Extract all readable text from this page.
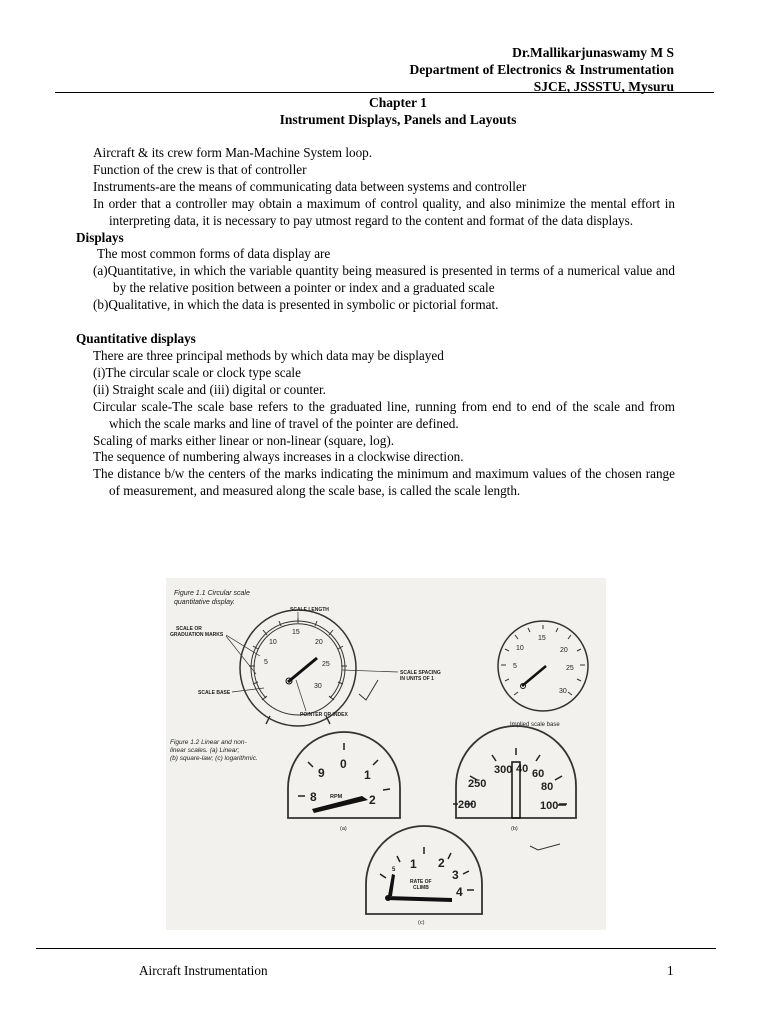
Dr.Mallikarjunaswamy M S
Department of Electronics & Instrumentation
SJCE, JSSSTU, Mysuru
Chapter 1
Instrument Displays, Panels and Layouts

Aircraft & its crew form Man-Machine System loop.

Function of the crew is that of controller

Instruments-are the means of communicating data between systems and controller

In order that a controller may obtain a maximum of control quality, and also minimize the mental effort in interpreting data, it is necessary to pay utmost regard to the content and format of the data displays.

Displays

The most common forms of data display are

(a)Quantitative, in which the variable quantity being measured is presented in terms of a numerical value and by the relative position between a pointer or index and a graduated scale

(b)Qualitative, in which the data is presented in symbolic or pictorial format.

Quantitative displays

There are three principal methods by which data may be displayed

(i)The circular scale or clock type scale

(ii) Straight scale and (iii) digital or counter.

Circular scale-The scale base refers to the graduated line, running from end to end of the scale and from which the scale marks and line of travel of the pointer are defined.

Scaling of marks either linear or non-linear (square, log).

The sequence of numbering always increases in a clockwise direction.

The distance b/w the centers of the marks indicating the minimum and maximum values of the chosen range of measurement, and measured along the scale base, is called the scale length.

Figure 1.1 Circular scale
quantitative display.
5
10
15
20
25
30
SCALE LENGTH
SCALE OR
GRADUATION MARKS
SCALE BASE
POINTER OR INDEX
SCALE SPACING
IN UNITS OF 1
5
10
15
20
25
30
Implied scale base
Figure 1.2 Linear and non-
linear scales. (a) Linear;
(b) square-law; (c) logarithmic.
8
9
0
1
2
RPM
(a)
200
250
300 40 60
80
100
(b)
5 1 2
3
4
RATE OF
CLIMB
(c)
Aircraft Instrumentation	1
